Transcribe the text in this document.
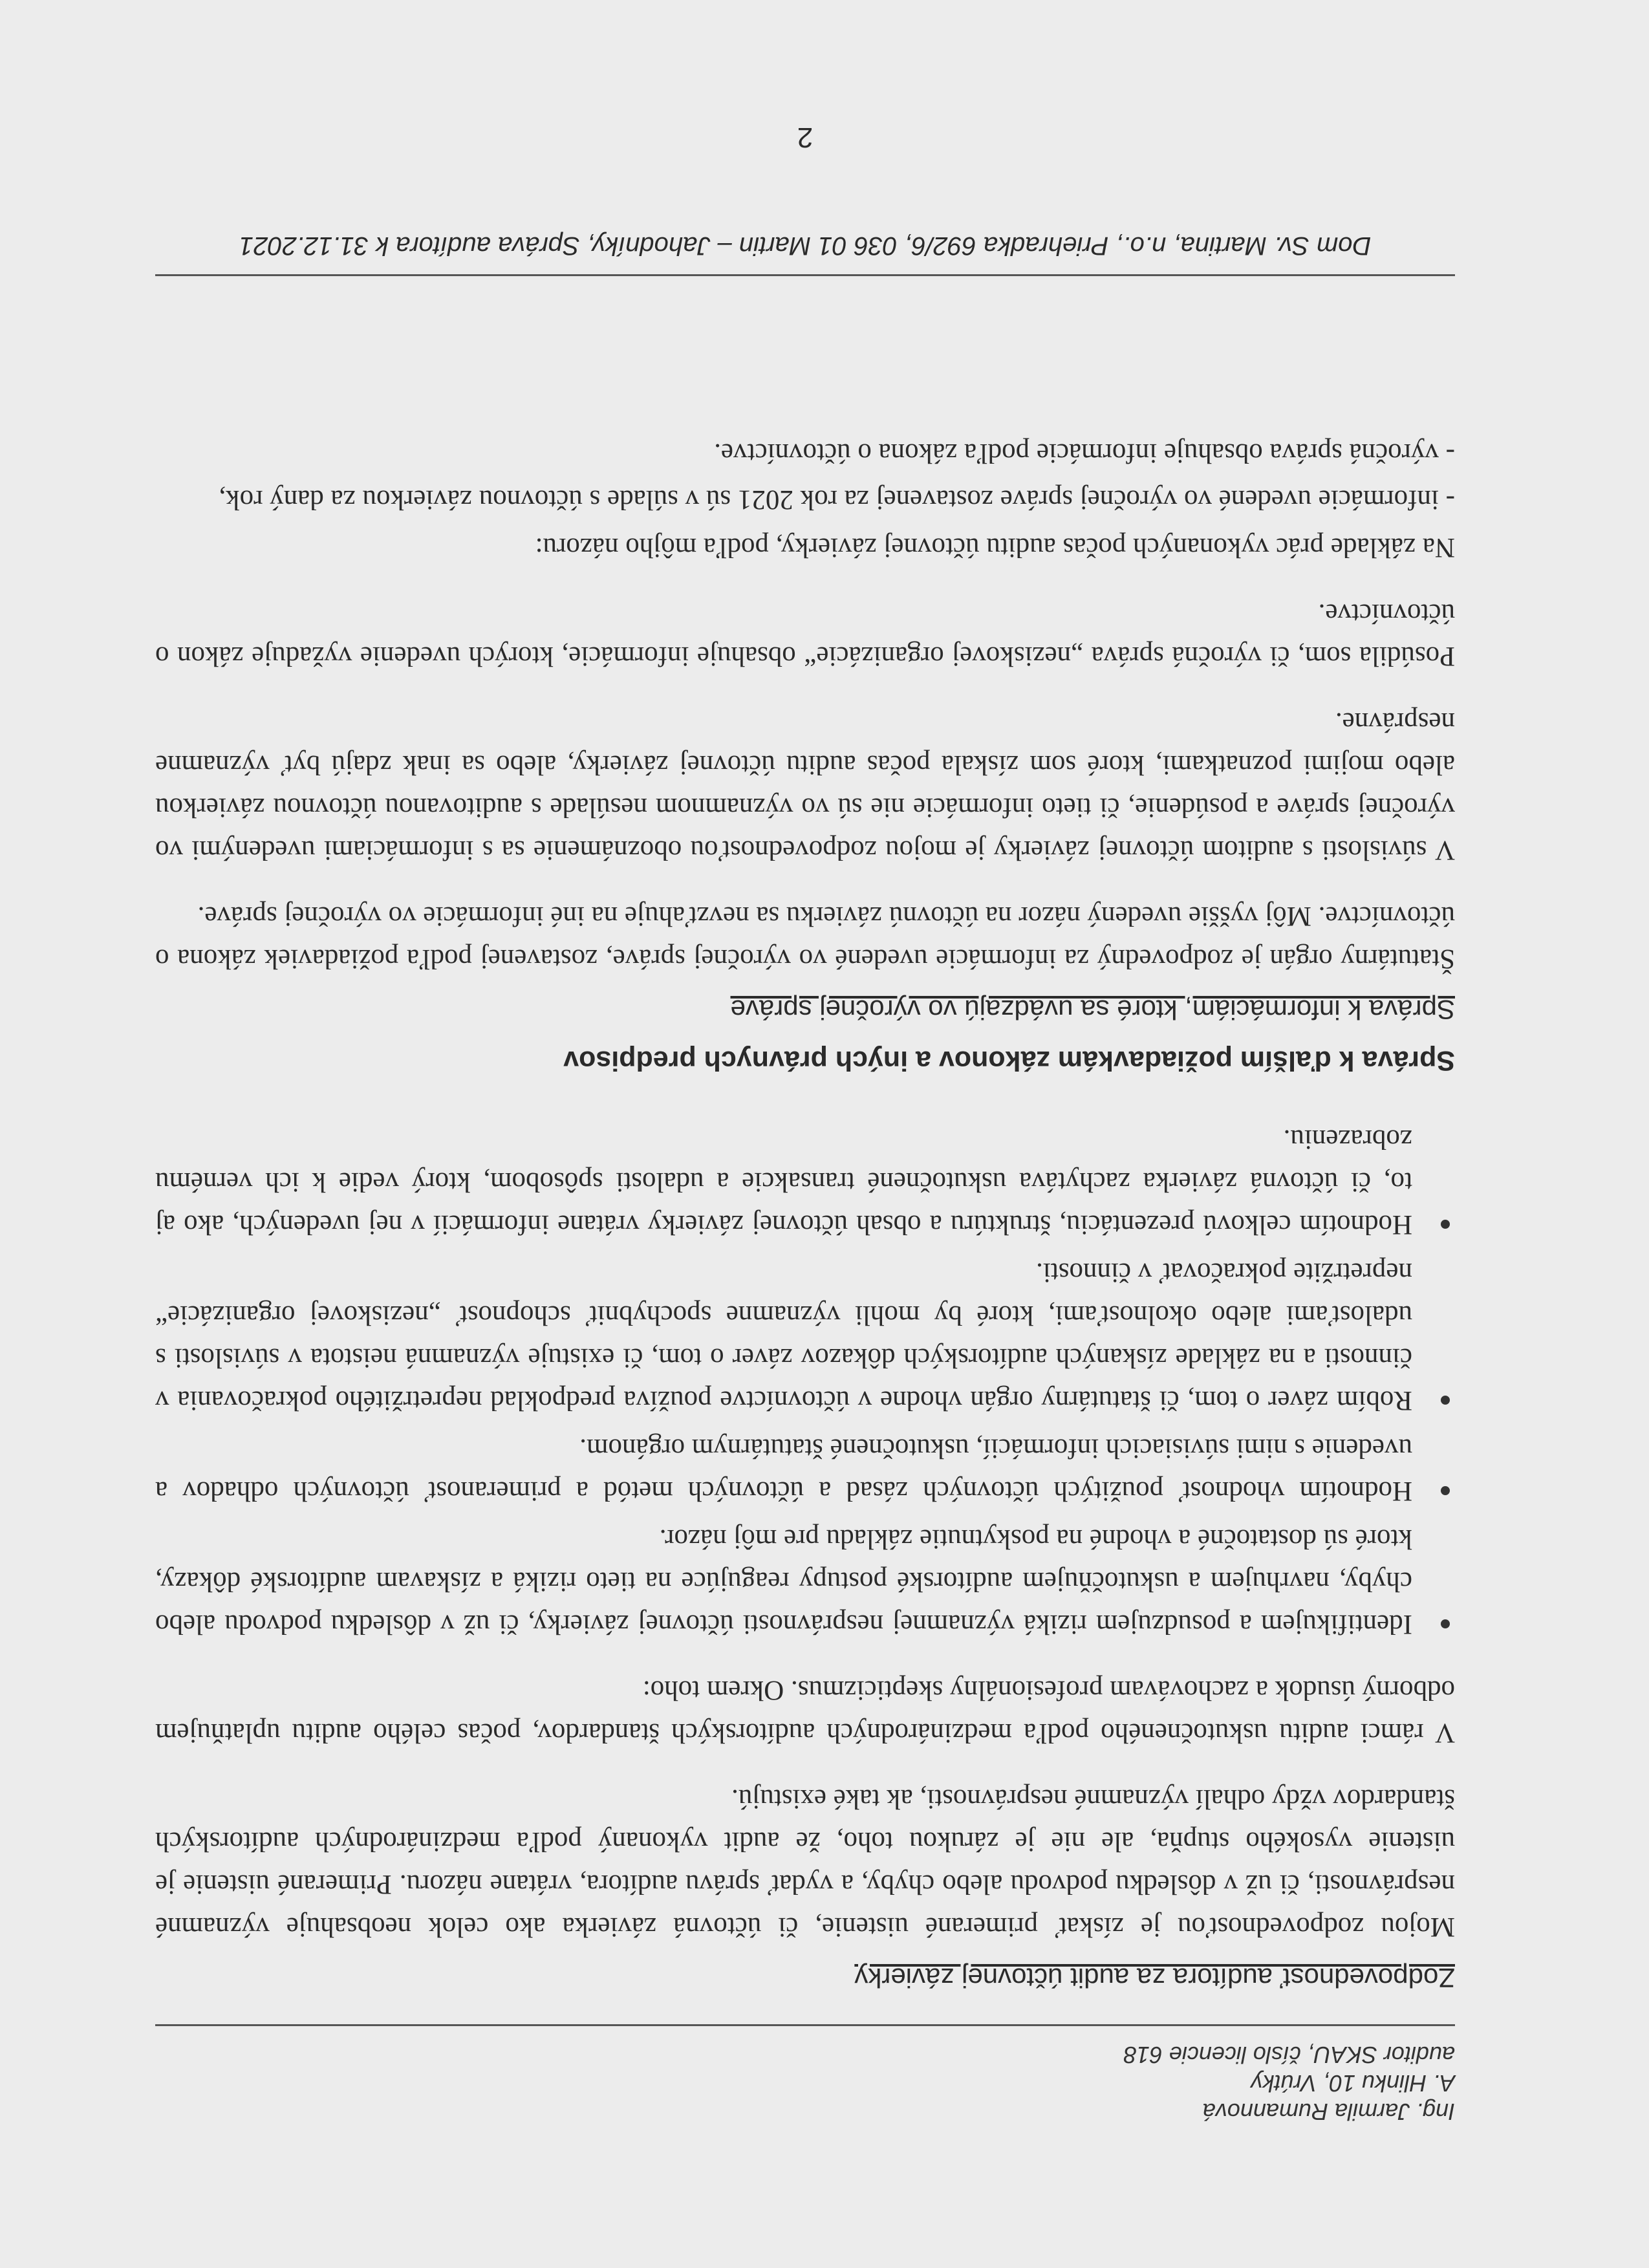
Ing. Jarmila Rumannová
A. Hlinku 10, Vrútky
auditor SKAU, číslo licencie 618
Zodpovednosť audítora za audit účtovnej závierky

Mojou zodpovednosťou je získať primerané uistenie, či účtovná závierka ako celok neobsahuje významné nesprávnosti, či už v dôsledku podvodu alebo chyby, a vydať správu audítora, vrátane názoru. Primerané uistenie je uistenie vysokého stupňa, ale nie je zárukou toho, že audit vykonaný podľa medzinárodných audítorských štandardov vždy odhalí významné nesprávnosti, ak také existujú.

V rámci auditu uskutočneného podľa medzinárodných audítorských štandardov, počas celého auditu uplatňujem odborný úsudok a zachovávam profesionálny skepticizmus. Okrem toho:

Identifikujem a posudzujem riziká významnej nesprávnosti účtovnej závierky, či už v dôsledku podvodu alebo chyby, navrhujem a uskutočňujem audítorské postupy reagujúce na tieto riziká a získavam audítorské dôkazy, ktoré sú dostatočné a vhodné na poskytnutie základu pre môj názor.
Hodnotím vhodnosť použitých účtovných zásad a účtovných metód a primeranosť účtovných odhadov a uvedenie s nimi súvisiacich informácií, uskutočnené štatutárnym orgánom.
Robím záver o tom, či štatutárny orgán vhodne v účtovníctve používa predpoklad nepretržitého pokračovania v činnosti a na základe získaných audítorských dôkazov záver o tom, či existuje významná neistota v súvislosti s udalosťami alebo okolnosťami, ktoré by mohli významne spochybniť schopnosť „neziskovej organizácie“ nepretržite pokračovať v činnosti.
Hodnotím celkovú prezentáciu, štruktúru a obsah účtovnej závierky vrátane informácií v nej uvedených, ako aj to, či účtovná závierka zachytáva uskutočnené transakcie a udalosti spôsobom, ktorý vedie k ich vernému zobrazeniu.
Správa k ďalším požiadavkám zákonov a iných právnych predpisov
Správa k informáciám, ktoré sa uvádzajú vo výročnej správe

Štatutárny orgán je zodpovedný za informácie uvedené vo výročnej správe, zostavenej podľa požiadaviek zákona o účtovníctve. Môj vyššie uvedený názor na účtovnú závierku sa nevzťahuje na iné informácie vo výročnej správe.

V súvislosti s auditom účtovnej závierky je mojou zodpovednosťou oboznámenie sa s informáciami uvedenými vo výročnej správe a posúdenie, či tieto informácie nie sú vo významnom nesúlade s auditovanou účtovnou závierkou alebo mojimi poznatkami, ktoré som získala počas auditu účtovnej závierky, alebo sa inak zdajú byť významne nesprávne.

Posúdila som, či výročná správa „neziskovej organizácie“ obsahuje informácie, ktorých uvedenie vyžaduje zákon o účtovníctve.

Na základe prác vykonaných počas auditu účtovnej závierky, podľa môjho názoru:

- informácie uvedené vo výročnej správe zostavenej za rok 2021 sú v súlade s účtovnou závierkou za daný rok,
- výročná správa obsahuje informácie podľa zákona o účtovníctve.
Dom Sv. Martina, n.o., Priehradka 692/6, 036 01 Martin – Jahodníky, Správa audítora k 31.12.2021
2
